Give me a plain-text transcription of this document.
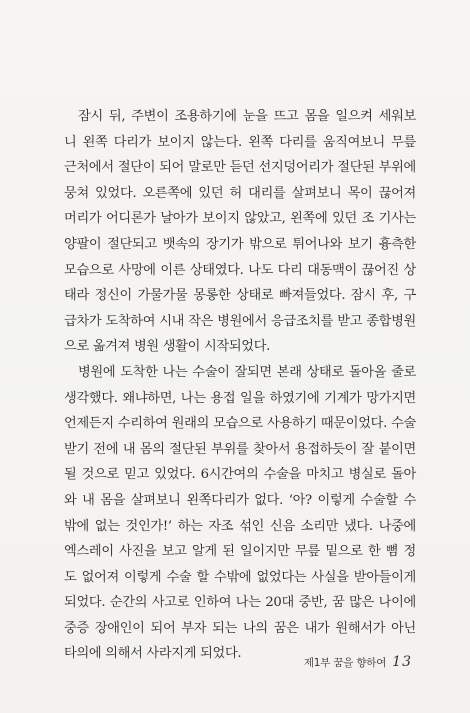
잠시 뒤, 주변이 조용하기에 눈을 뜨고 몸을 일으켜 세워보
니 왼쪽 다리가 보이지 않는다. 왼쪽 다리를 움직여보니 무릎
근처에서 절단이 되어 말로만 듣던 선지덩어리가 절단된 부위에
뭉쳐 있었다. 오른쪽에 있던 허 대리를 살펴보니 목이 끊어져
머리가 어디론가 날아가 보이지 않았고, 왼쪽에 있던 조 기사는
양팔이 절단되고 뱃속의 장기가 밖으로 튀어나와 보기 흉측한
모습으로 사망에 이른 상태였다. 나도 다리 대동맥이 끊어진 상
태라 정신이 가물가물 몽롱한 상태로 빠져들었다. 잠시 후, 구
급차가 도착하여 시내 작은 병원에서 응급조치를 받고 종합병원
으로 옮겨져 병원 생활이 시작되었다.
병원에 도착한 나는 수술이 잘되면 본래 상태로 돌아올 줄로
생각했다. 왜냐하면, 나는 용접 일을 하였기에 기계가 망가지면
언제든지 수리하여 원래의 모습으로 사용하기 때문이었다. 수술
받기 전에 내 몸의 절단된 부위를 찾아서 용접하듯이 잘 붙이면
될 것으로 믿고 있었다. 6시간여의 수술을 마치고 병실로 돌아
와 내 몸을 살펴보니 왼쪽다리가 없다. ‘아? 이렇게 수술할 수
밖에 없는 것인가!’ 하는 자조 섞인 신음 소리만 냈다. 나중에
엑스레이 사진을 보고 알게 된 일이지만 무릎 밑으로 한 뼘 정
도 없어져 이렇게 수술 할 수밖에 없었다는 사실을 받아들이게
되었다. 순간의 사고로 인하여 나는 20대 중반, 꿈 많은 나이에
중증 장애인이 되어 부자 되는 나의 꿈은 내가 원해서가 아닌
타의에 의해서 사라지게 되었다.
제1부 꿈을 향하여 13
